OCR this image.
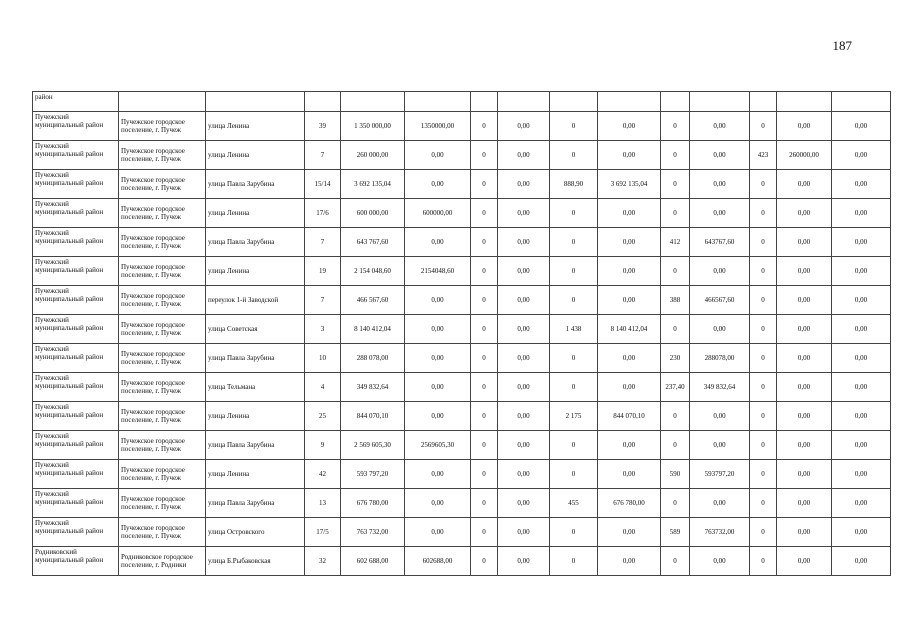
187
район														
Пучежский муниципальный район	Пучежское городское поселение, г. Пучеж	улица Ленина	39	1 350 000,00	1350000,00	0	0,00	0	0,00	0	0,00	0	0,00	0,00
Пучежский муниципальный район	Пучежское городское поселение, г. Пучеж	улица Ленина	7	260 000,00	0,00	0	0,00	0	0,00	0	0,00	423	260000,00	0,00
Пучежский муниципальный район	Пучежское городское поселение, г. Пучеж	улица Павла Зарубина	15/14	3 692 135,04	0,00	0	0,00	888,90	3 692 135,04	0	0,00	0	0,00	0,00
Пучежский муниципальный район	Пучежское городское поселение, г. Пучеж	улица Ленина	17/6	600 000,00	600000,00	0	0,00	0	0,00	0	0,00	0	0,00	0,00
Пучежский муниципальный район	Пучежское городское поселение, г. Пучеж	улица Павла Зарубина	7	643 767,60	0,00	0	0,00	0	0,00	412	643767,60	0	0,00	0,00
Пучежский муниципальный район	Пучежское городское поселение, г. Пучеж	улица Ленина	19	2 154 048,60	2154048,60	0	0,00	0	0,00	0	0,00	0	0,00	0,00
Пучежский муниципальный район	Пучежское городское поселение, г. Пучеж	переулок 1-й Заводской	7	466 567,60	0,00	0	0,00	0	0,00	388	466567,60	0	0,00	0,00
Пучежский муниципальный район	Пучежское городское поселение, г. Пучеж	улица Советская	3	8 140 412,04	0,00	0	0,00	1 438	8 140 412,04	0	0,00	0	0,00	0,00
Пучежский муниципальный район	Пучежское городское поселение, г. Пучеж	улица Павла Зарубина	10	288 078,00	0,00	0	0,00	0	0,00	230	288078,00	0	0,00	0,00
Пучежский муниципальный район	Пучежское городское поселение, г. Пучеж	улица Тельмана	4	349 832,64	0,00	0	0,00	0	0,00	237,40	349 832,64	0	0,00	0,00
Пучежский муниципальный район	Пучежское городское поселение, г. Пучеж	улица Ленина	25	844 070,10	0,00	0	0,00	2 175	844 070,10	0	0,00	0	0,00	0,00
Пучежский муниципальный район	Пучежское городское поселение, г. Пучеж	улица Павла Зарубина	9	2 569 605,30	2569605,30	0	0,00	0	0,00	0	0,00	0	0,00	0,00
Пучежский муниципальный район	Пучежское городское поселение, г. Пучеж	улица Ленина	42	593 797,20	0,00	0	0,00	0	0,00	590	593797,20	0	0,00	0,00
Пучежский муниципальный район	Пучежское городское поселение, г. Пучеж	улица Павла Зарубина	13	676 780,00	0,00	0	0,00	455	676 780,00	0	0,00	0	0,00	0,00
Пучежский муниципальный район	Пучежское городское поселение, г. Пучеж	улица Островского	17/5	763 732,00	0,00	0	0,00	0	0,00	589	763732,00	0	0,00	0,00
Родниковский муниципальный район	Родниковское городское поселение, г. Родники	улица Б.Рыбаковская	32	602 688,00	602688,00	0	0,00	0	0,00	0	0,00	0	0,00	0,00
